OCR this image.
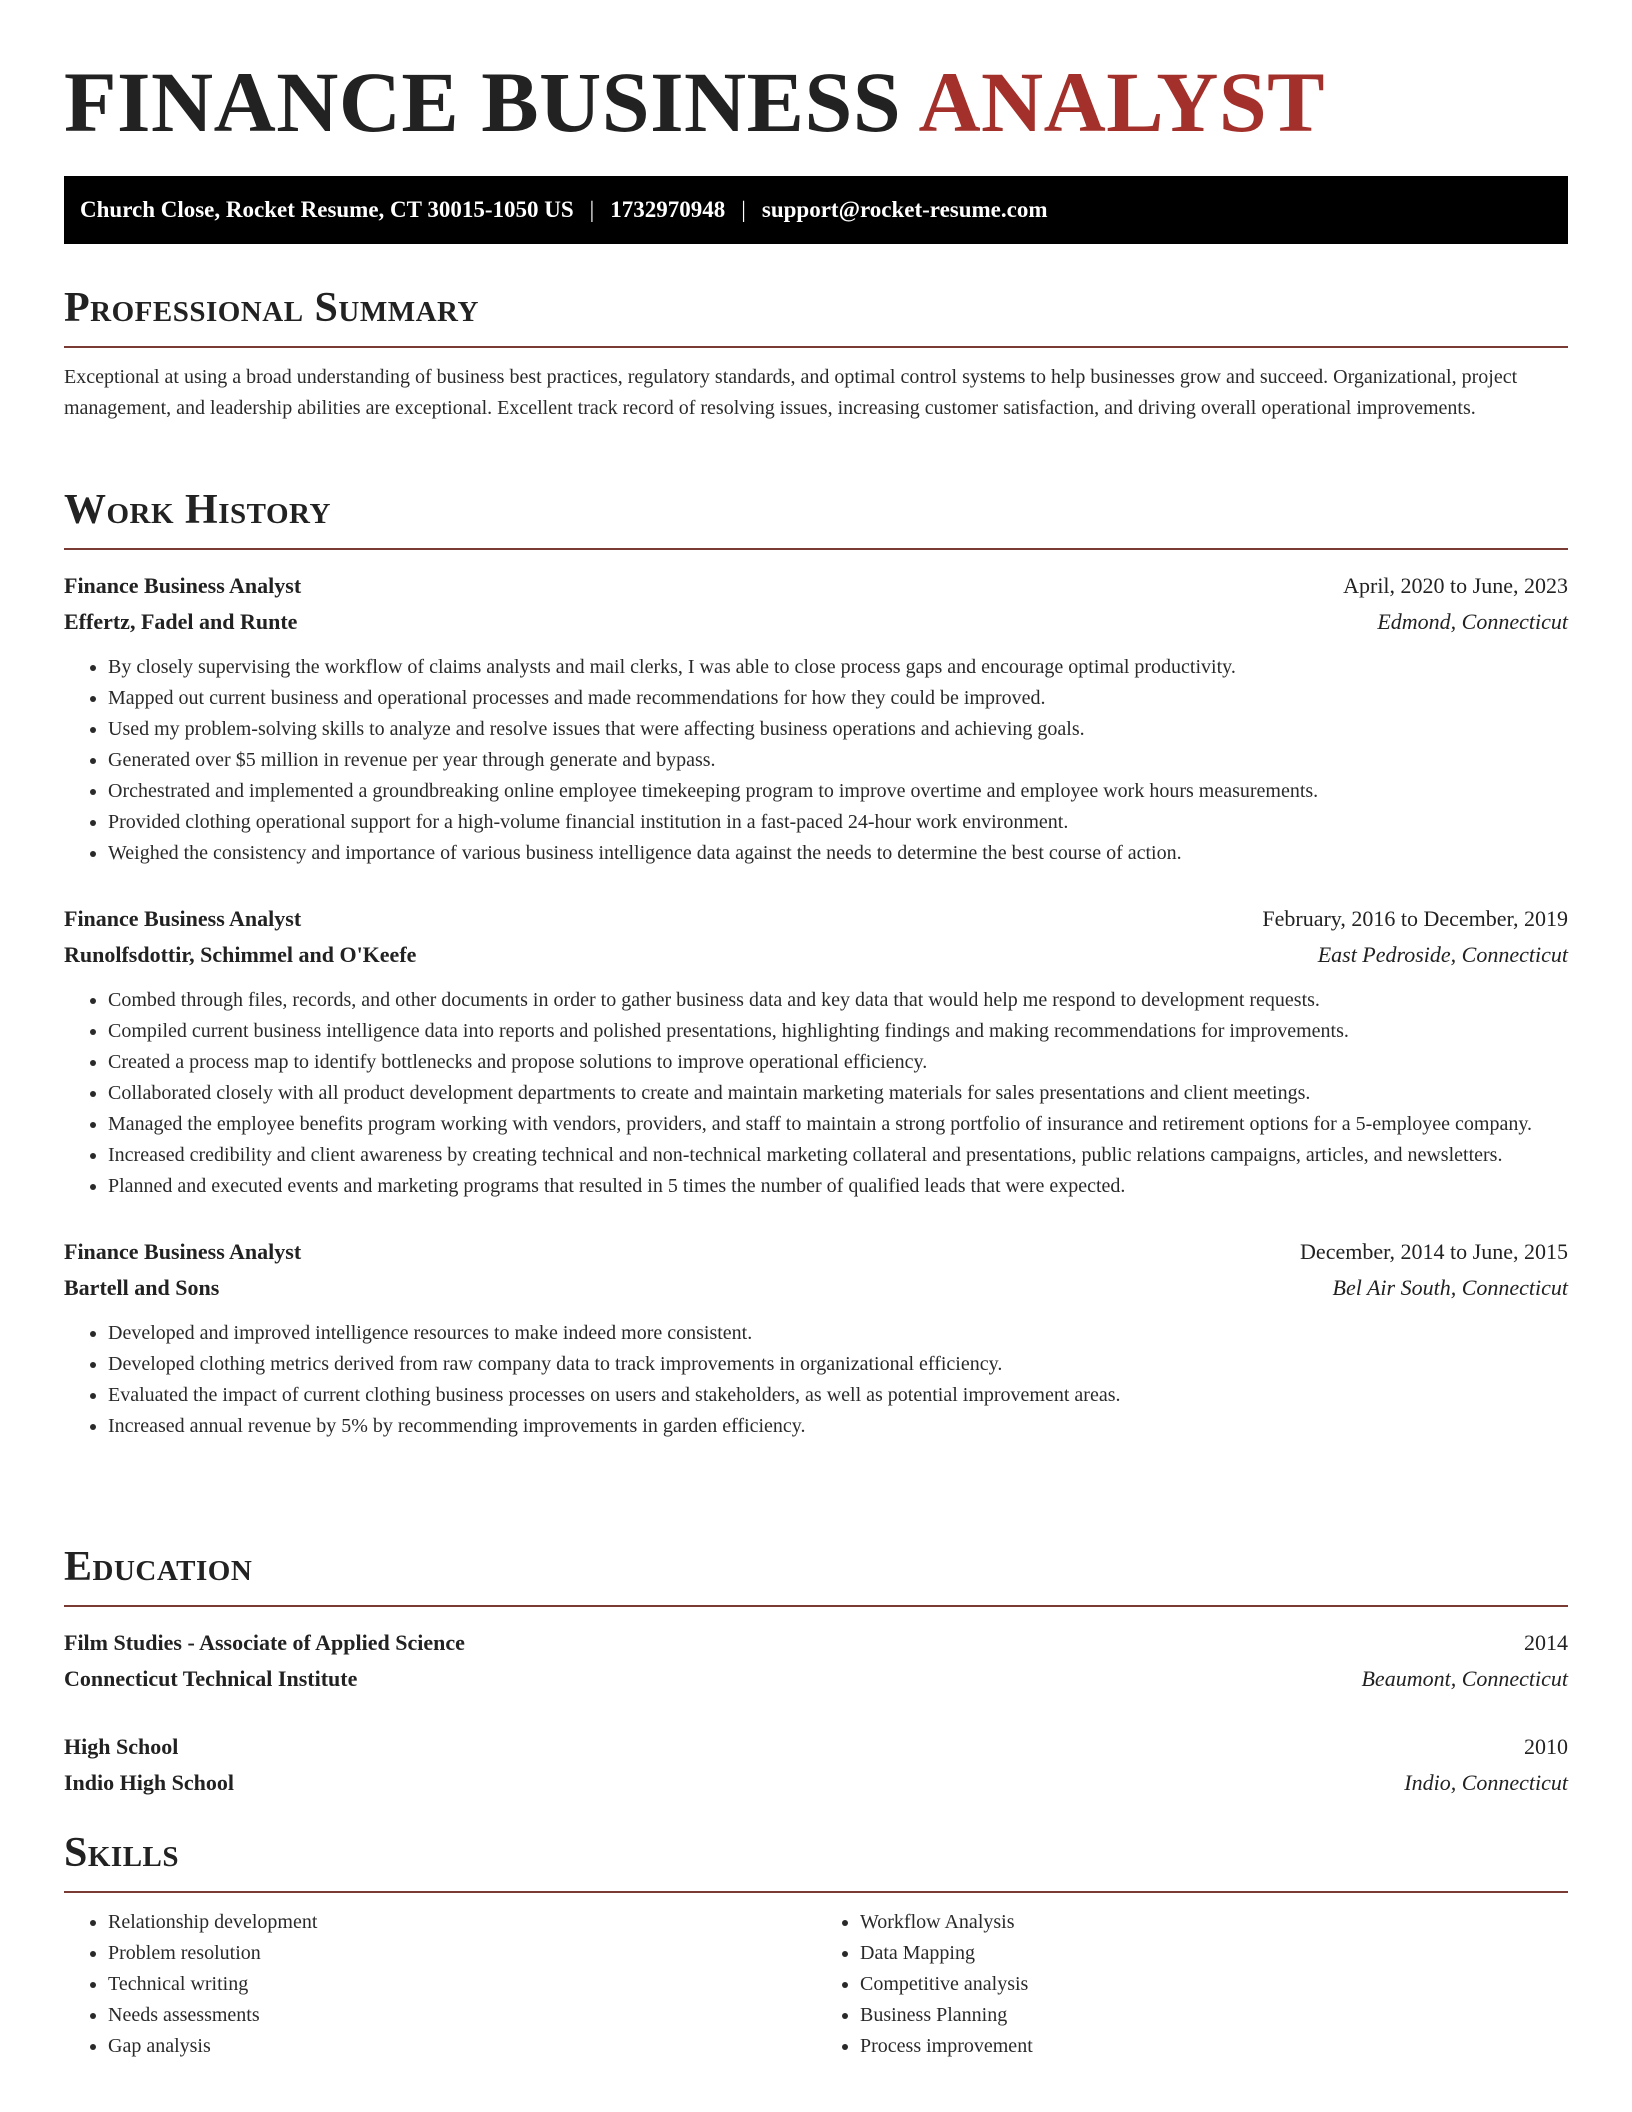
FINANCE BUSINESS ANALYST
Church Close, Rocket Resume, CT 30015-1050 US | 1732970948 | support@rocket-resume.com
Professional Summary

Exceptional at using a broad understanding of business best practices, regulatory standards, and optimal control systems to help businesses grow and succeed. Organizational, project management, and leadership abilities are exceptional. Excellent track record of resolving issues, increasing customer satisfaction, and driving overall operational improvements.

Work History
Finance Business Analyst	April, 2020 to June, 2023
Effertz, Fadel and Runte	Edmond, Connecticut
• By closely supervising the workflow of claims analysts and mail clerks, I was able to close process gaps and encourage optimal productivity.
• Mapped out current business and operational processes and made recommendations for how they could be improved.
• Used my problem-solving skills to analyze and resolve issues that were affecting business operations and achieving goals.
• Generated over $5 million in revenue per year through generate and bypass.
• Orchestrated and implemented a groundbreaking online employee timekeeping program to improve overtime and employee work hours measurements.
• Provided clothing operational support for a high-volume financial institution in a fast-paced 24-hour work environment.
• Weighed the consistency and importance of various business intelligence data against the needs to determine the best course of action.
Finance Business Analyst	February, 2016 to December, 2019
Runolfsdottir, Schimmel and O'Keefe	East Pedroside, Connecticut
• Combed through files, records, and other documents in order to gather business data and key data that would help me respond to development requests.
• Compiled current business intelligence data into reports and polished presentations, highlighting findings and making recommendations for improvements.
• Created a process map to identify bottlenecks and propose solutions to improve operational efficiency.
• Collaborated closely with all product development departments to create and maintain marketing materials for sales presentations and client meetings.
• Managed the employee benefits program working with vendors, providers, and staff to maintain a strong portfolio of insurance and retirement options for a 5-employee company.
• Increased credibility and client awareness by creating technical and non-technical marketing collateral and presentations, public relations campaigns, articles, and newsletters.
• Planned and executed events and marketing programs that resulted in 5 times the number of qualified leads that were expected.
Finance Business Analyst	December, 2014 to June, 2015
Bartell and Sons	Bel Air South, Connecticut
• Developed and improved intelligence resources to make indeed more consistent.
• Developed clothing metrics derived from raw company data to track improvements in organizational efficiency.
• Evaluated the impact of current clothing business processes on users and stakeholders, as well as potential improvement areas.
• Increased annual revenue by 5% by recommending improvements in garden efficiency.
Education
Film Studies - Associate of Applied Science	2014
Connecticut Technical Institute	Beaumont, Connecticut
High School	2010
Indio High School	Indio, Connecticut
Skills
• Relationship development
• Problem resolution
• Technical writing
• Needs assessments
• Gap analysis
• Workflow Analysis
• Data Mapping
• Competitive analysis
• Business Planning
• Process improvement
